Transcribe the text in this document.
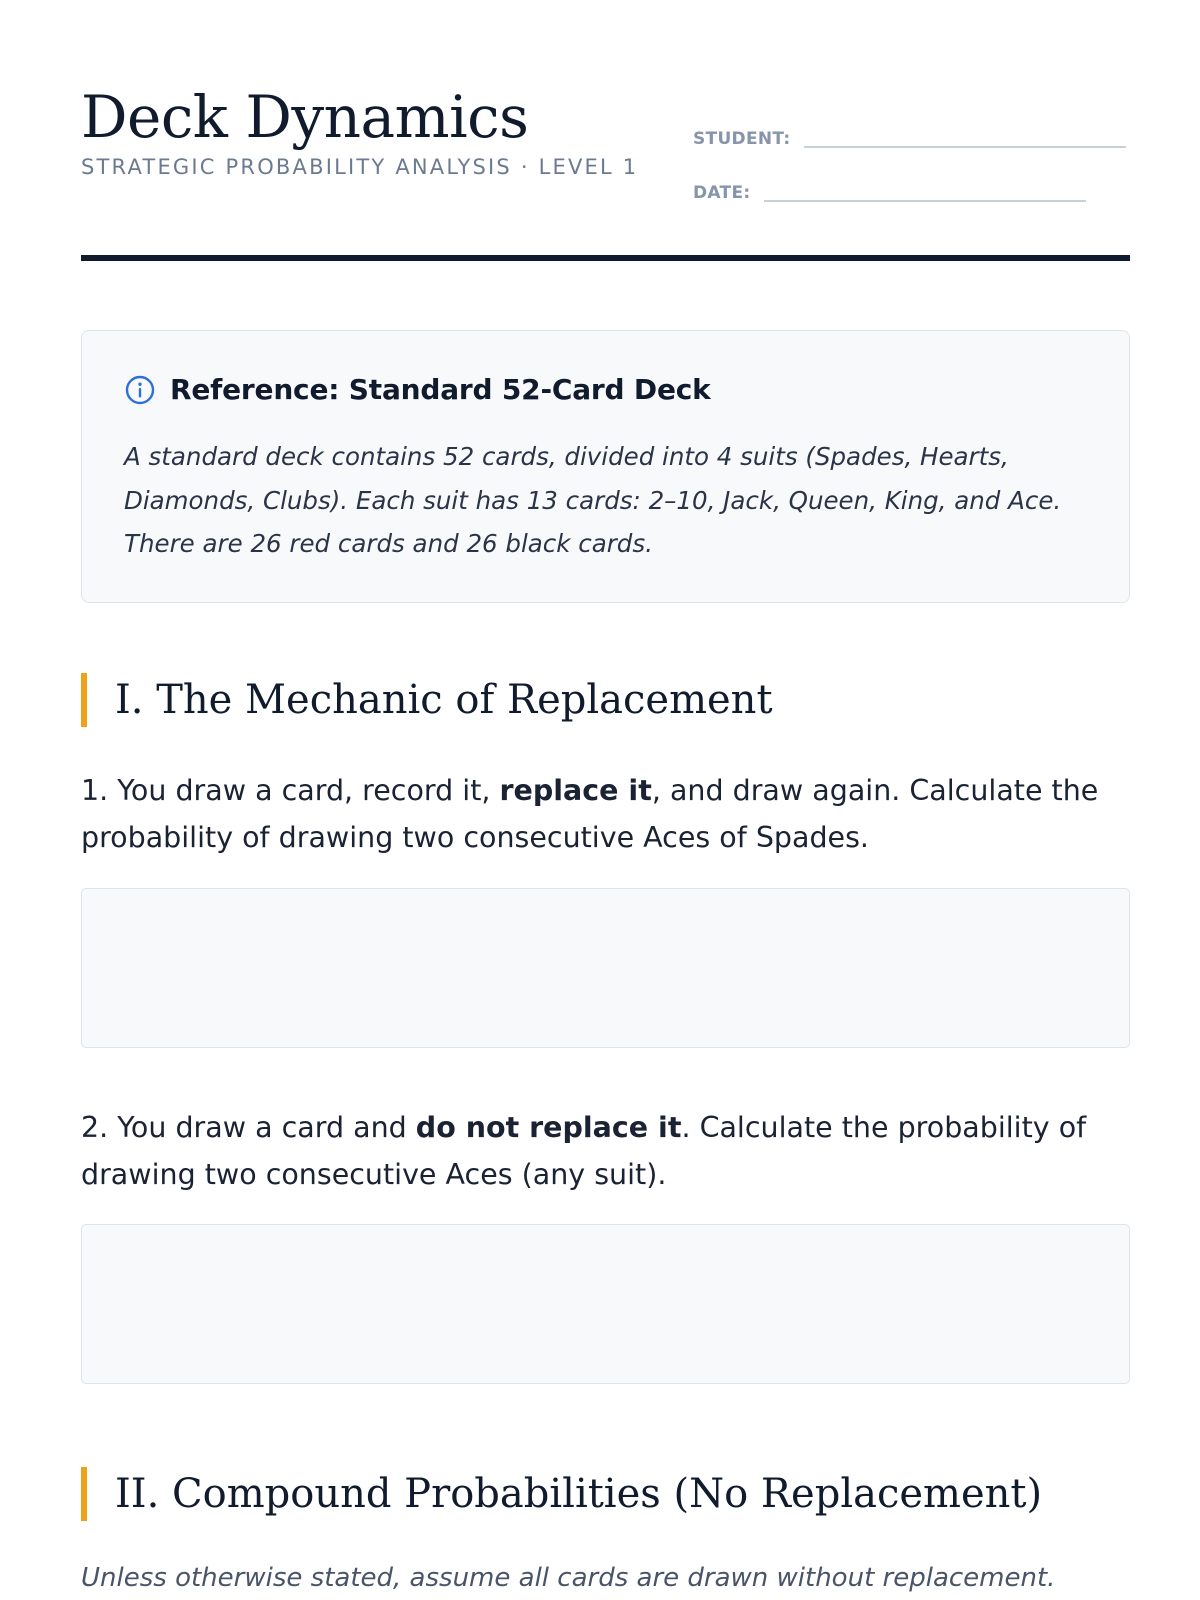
Deck Dynamics
STRATEGIC PROBABILITY ANALYSIS · LEVEL 1
STUDENT:
DATE:
Reference: Standard 52-Card Deck

A standard deck contains 52 cards, divided into 4 suits (Spades, Hearts, Diamonds, Clubs). Each suit has 13 cards: 2–10, Jack, Queen, King, and Ace. There are 26 red cards and 26 black cards.

I. The Mechanic of Replacement

1. You draw a card, record it, replace it, and draw again. Calculate the probability of drawing two consecutive Aces of Spades.

2. You draw a card and do not replace it. Calculate the probability of drawing two consecutive Aces (any suit).

II. Compound Probabilities (No Replacement)

Unless otherwise stated, assume all cards are drawn without replacement.
